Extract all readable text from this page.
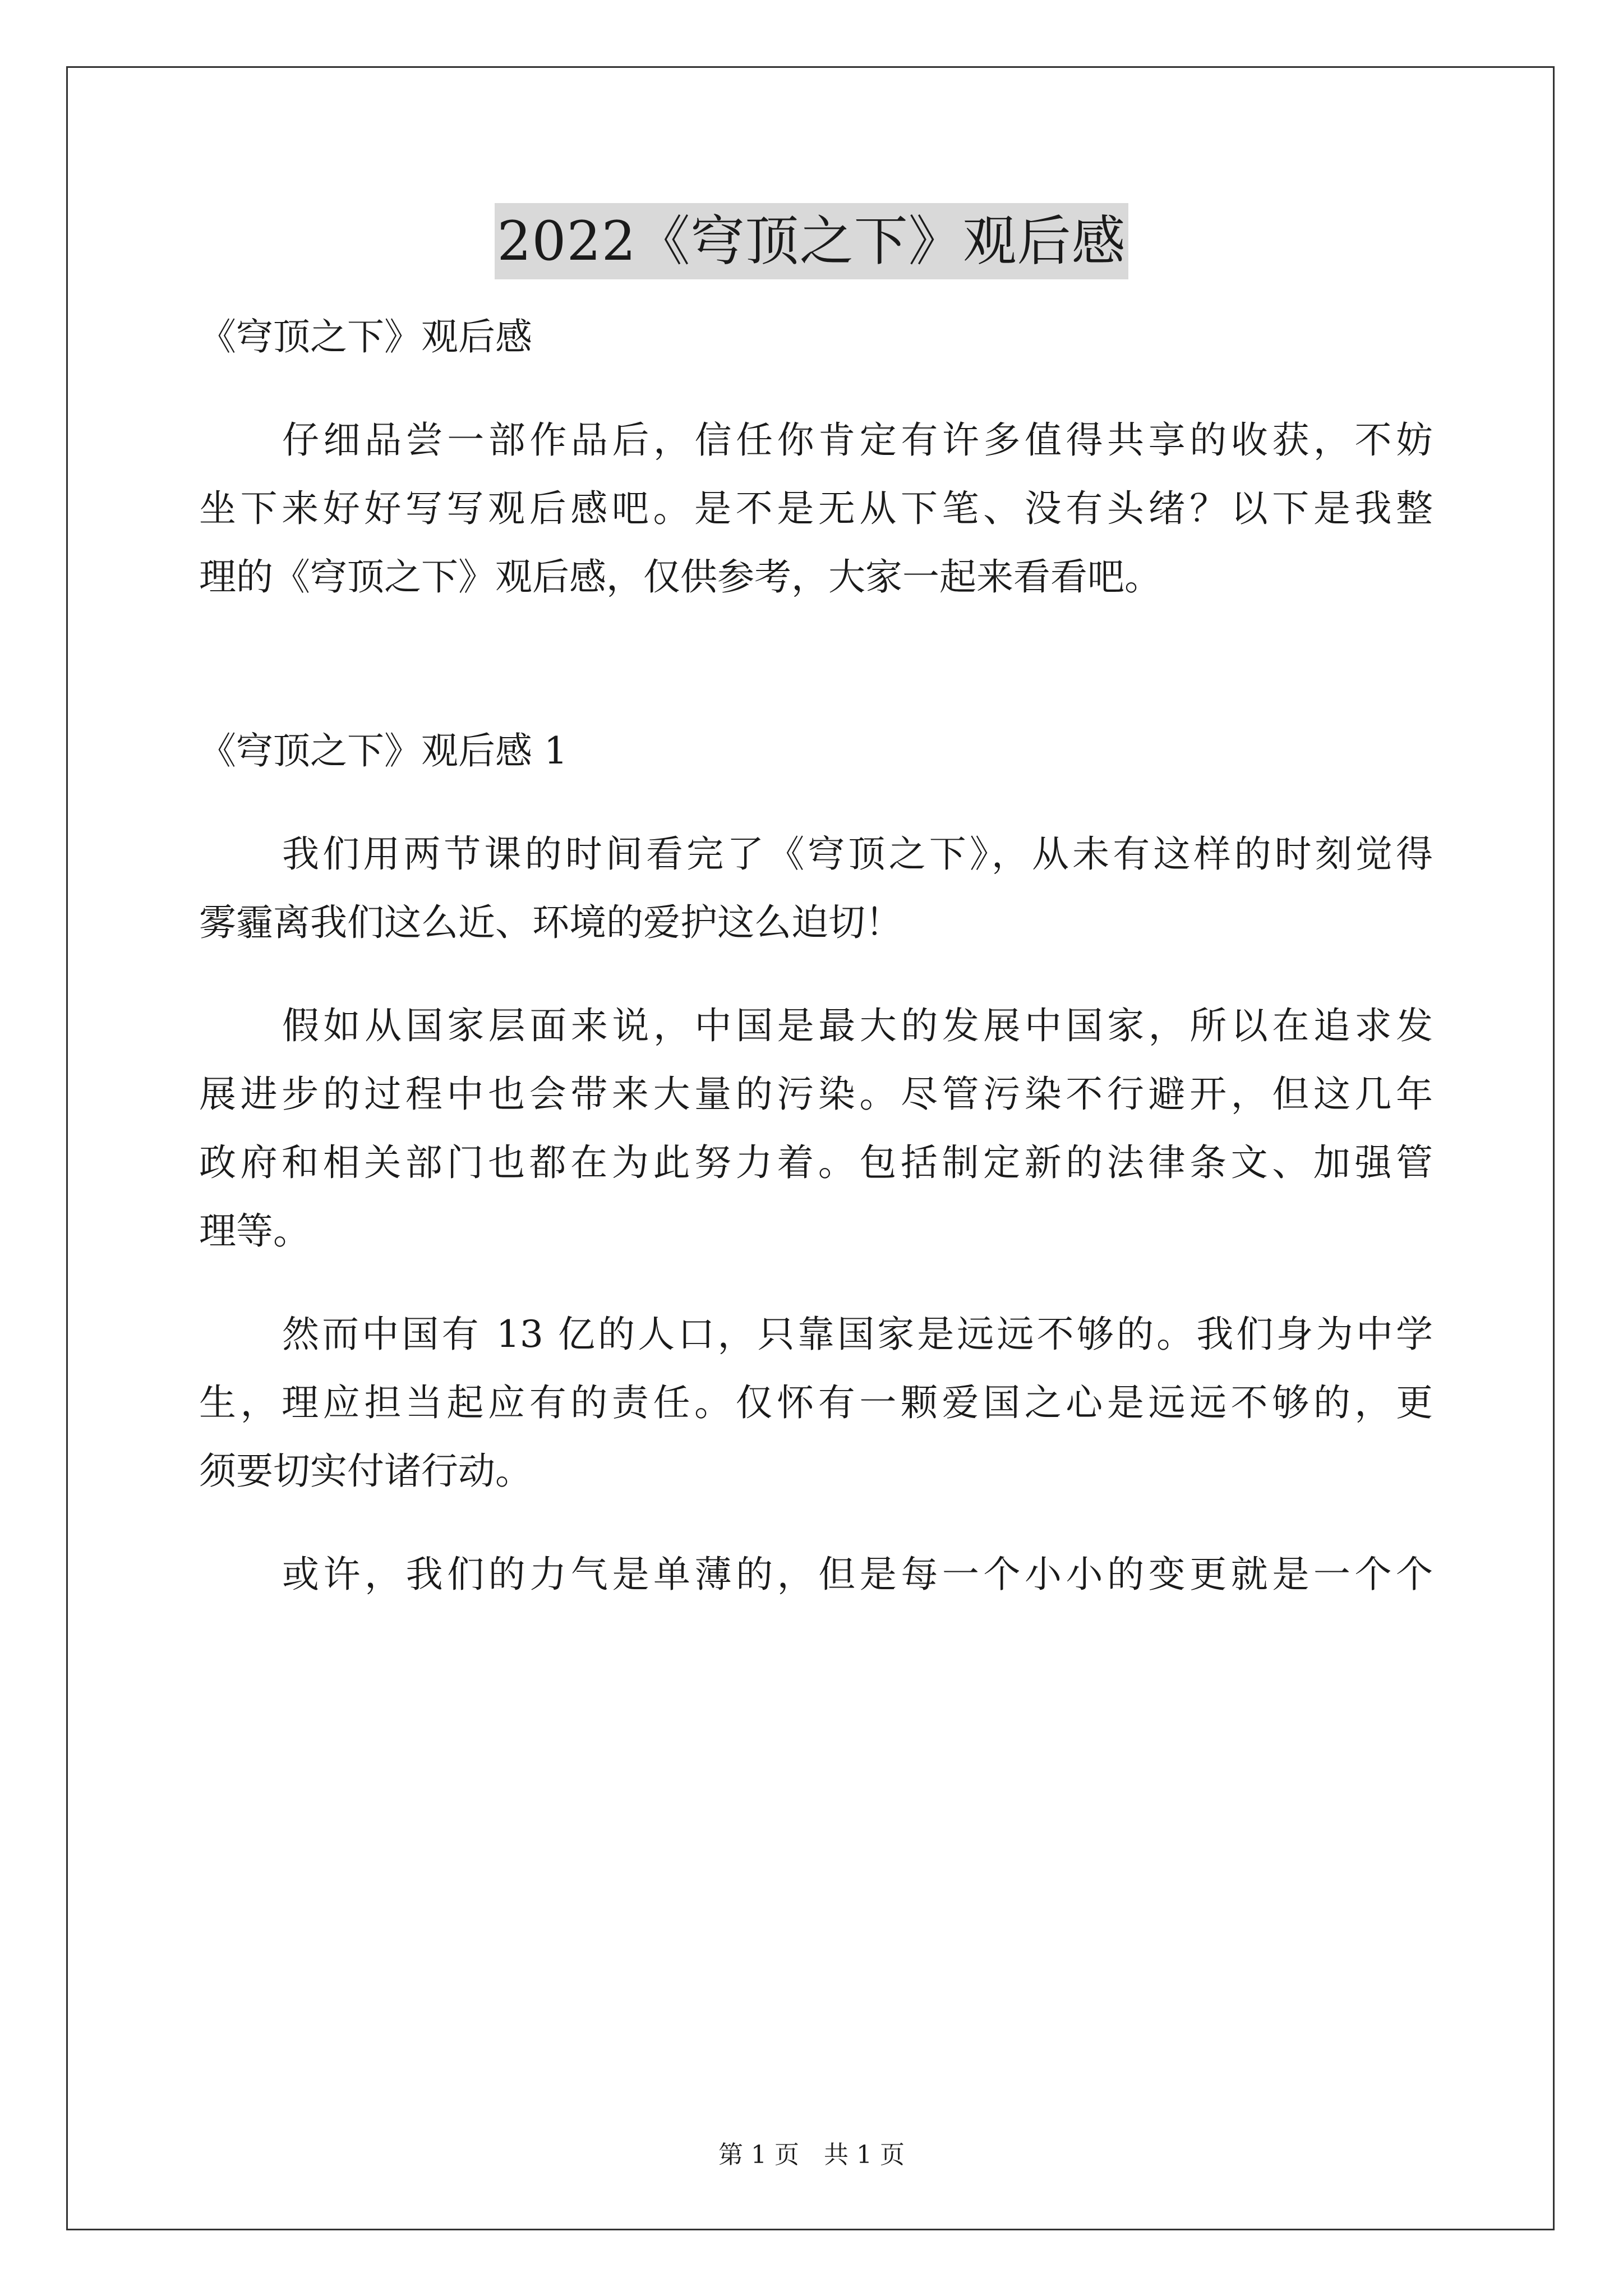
2022《穹顶之下》观后感
《穹顶之下》观后感
仔细品尝一部作品后，信任你肯定有许多值得共享的收获，不妨
坐下来好好写写观后感吧。是不是无从下笔、没有头绪？以下是我整
理的《穹顶之下》观后感，仅供参考，大家一起来看看吧。
《穹顶之下》观后感 1
我们用两节课的时间看完了《穹顶之下》，从未有这样的时刻觉得
雾霾离我们这么近、环境的爱护这么迫切！
假如从国家层面来说，中国是最大的发展中国家，所以在追求发
展进步的过程中也会带来大量的污染。尽管污染不行避开，但这几年
政府和相关部门也都在为此努力着。包括制定新的法律条文、加强管
理等。
然而中国有 13 亿的人口，只靠国家是远远不够的。我们身为中学
生，理应担当起应有的责任。仅怀有一颗爱国之心是远远不够的，更
须要切实付诸行动。
或许，我们的力气是单薄的，但是每一个小小的变更就是一个个
第 1 页　共 1 页
